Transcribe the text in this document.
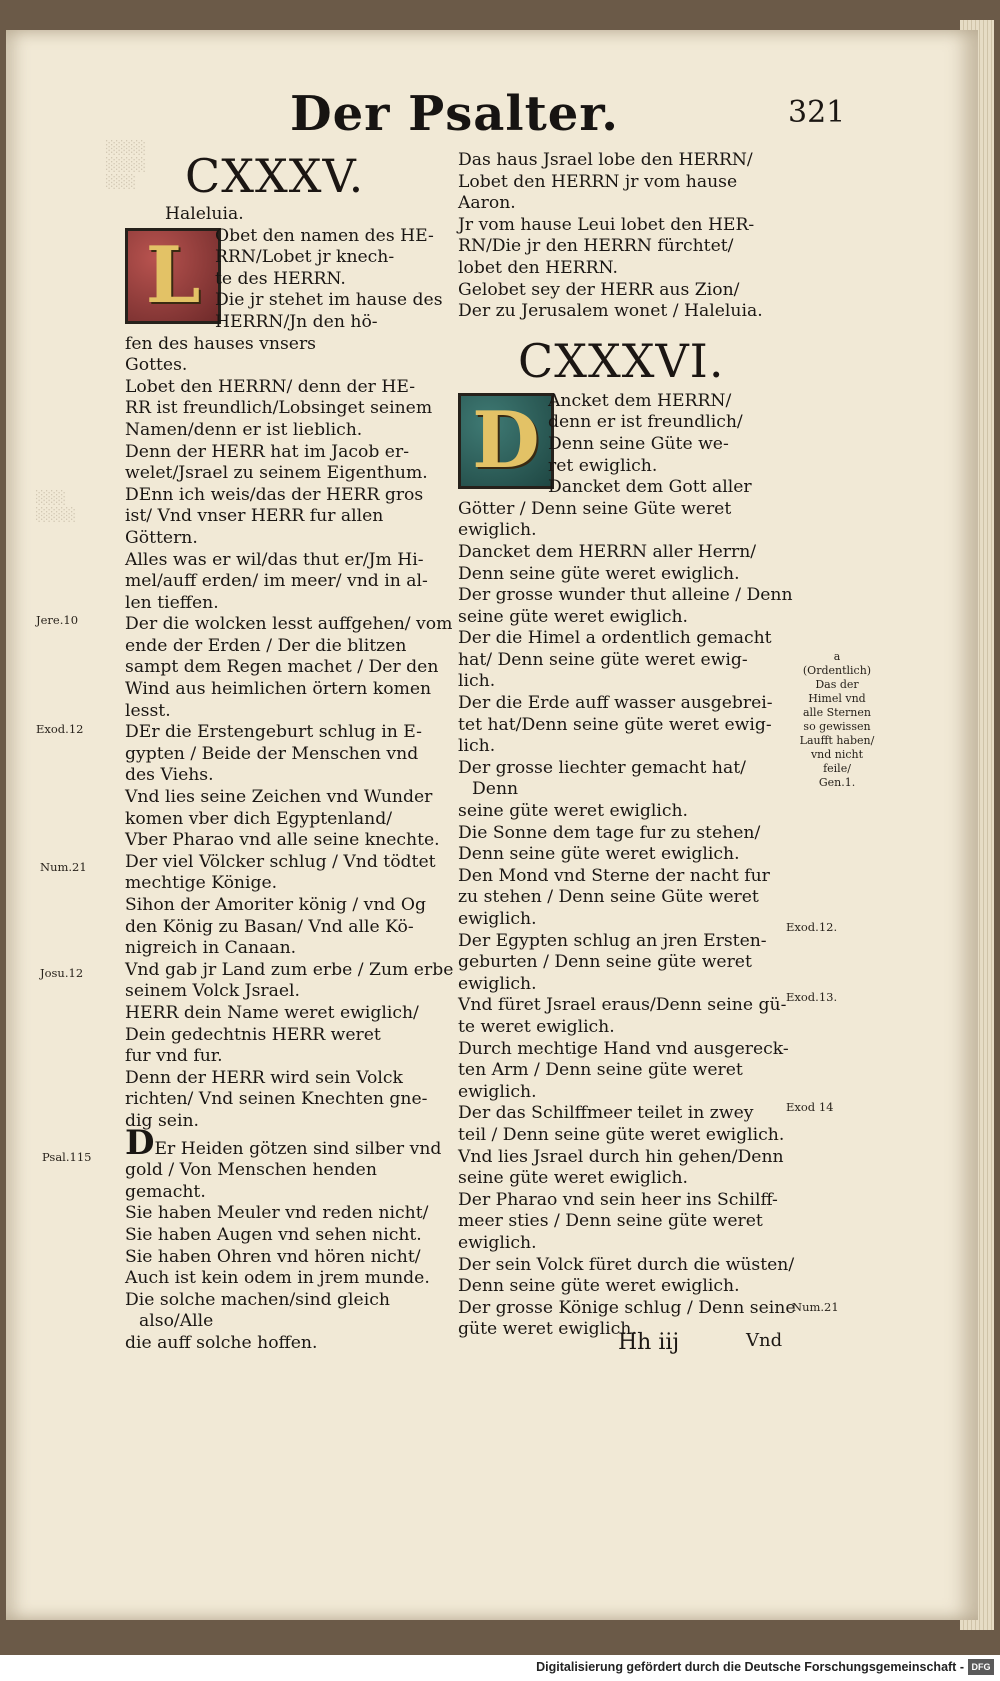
░░░░
░░░░
░░░
░░░
░░░░
Der Psalter.	321
CXXXV.
Haleluia.
L Obet den namen des HE-

RRN/Lobet jr knech-

te des HERRN.

Die jr stehet im hause des

HERRN/Jn den hö-

fen des hauses vnsers

Gottes.

Lobet den HERRN/ denn der HE-

RR ist freundlich/Lobsinget seinem

Namen/denn er ist lieblich.

Denn der HERR hat im Jacob er-

welet/Jsrael zu seinem Eigenthum.

DEnn ich weis/das der HERR gros

ist/ Vnd vnser HERR fur allen

Göttern.

Alles was er wil/das thut er/Jm Hi-

mel/auff erden/ im meer/ vnd in al-

len tieffen.

Der die wolcken lesst auffgehen/ vom

ende der Erden / Der die blitzen

sampt dem Regen machet / Der den

Wind aus heimlichen örtern komen

lesst.

DEr die Erstengeburt schlug in E-

gypten / Beide der Menschen vnd

des Viehs.

Vnd lies seine Zeichen vnd Wunder

komen vber dich Egyptenland/

Vber Pharao vnd alle seine knechte.

Der viel Völcker schlug / Vnd tödtet

mechtige Könige.

Sihon der Amoriter könig / vnd Og

den König zu Basan/ Vnd alle Kö-

nigreich in Canaan.

Vnd gab jr Land zum erbe / Zum erbe

seinem Volck Jsrael.

HERR dein Name weret ewiglich/

Dein gedechtnis HERR weret

fur vnd fur.

Denn der HERR wird sein Volck

richten/ Vnd seinen Knechten gne-

dig sein.

DEr Heiden götzen sind silber vnd

gold / Von Menschen henden

gemacht.

Sie haben Meuler vnd reden nicht/

Sie haben Augen vnd sehen nicht.

Sie haben Ohren vnd hören nicht/

Auch ist kein odem in jrem munde.

Die solche machen/sind gleich also/Alle

die auff solche hoffen.

Das haus Jsrael lobe den HERRN/

Lobet den HERRN jr vom hause

Aaron.

Jr vom hause Leui lobet den HER-

RN/Die jr den HERRN fürchtet/

lobet den HERRN.

Gelobet sey der HERR aus Zion/

Der zu Jerusalem wonet / Haleluia.

CXXXVI.
D Ancket dem HERRN/

denn er ist freundlich/

Denn seine Güte we-

ret ewiglich.

Dancket dem Gott aller

Götter / Denn seine Güte weret

ewiglich.

Dancket dem HERRN aller Herrn/

Denn seine güte weret ewiglich.

Der grosse wunder thut alleine / Denn

seine güte weret ewiglich.

Der die Himel a ordentlich gemacht

hat/ Denn seine güte weret ewig-

lich.

Der die Erde auff wasser ausgebrei-

tet hat/Denn seine güte weret ewig-

lich.

Der grosse liechter gemacht hat/ Denn

seine güte weret ewiglich.

Die Sonne dem tage fur zu stehen/

Denn seine güte weret ewiglich.

Den Mond vnd Sterne der nacht fur

zu stehen / Denn seine Güte weret

ewiglich.

Der Egypten schlug an jren Ersten-

geburten / Denn seine güte weret

ewiglich.

Vnd füret Jsrael eraus/Denn seine gü-

te weret ewiglich.

Durch mechtige Hand vnd ausgereck-

ten Arm / Denn seine güte weret

ewiglich.

Der das Schilffmeer teilet in zwey

teil / Denn seine güte weret ewiglich.

Vnd lies Jsrael durch hin gehen/Denn

seine güte weret ewiglich.

Der Pharao vnd sein heer ins Schilff-

meer sties / Denn seine güte weret

ewiglich.

Der sein Volck füret durch die wüsten/

Denn seine güte weret ewiglich.

Der grosse Könige schlug / Denn seine

güte weret ewiglich.

Jere.10
Exod.12
Num.21
Josu.12
Psal.115
Exod.12.
Exod.13.
Exod 14
Num.21
a
(Ordentlich)
Das der Himel vnd alle Sternen so gewissen Laufft haben/ vnd nicht feile/
Gen.1.
Hh iij	Vnd
Digitalisierung gefördert durch die Deutsche Forschungsgemeinschaft - DFG
